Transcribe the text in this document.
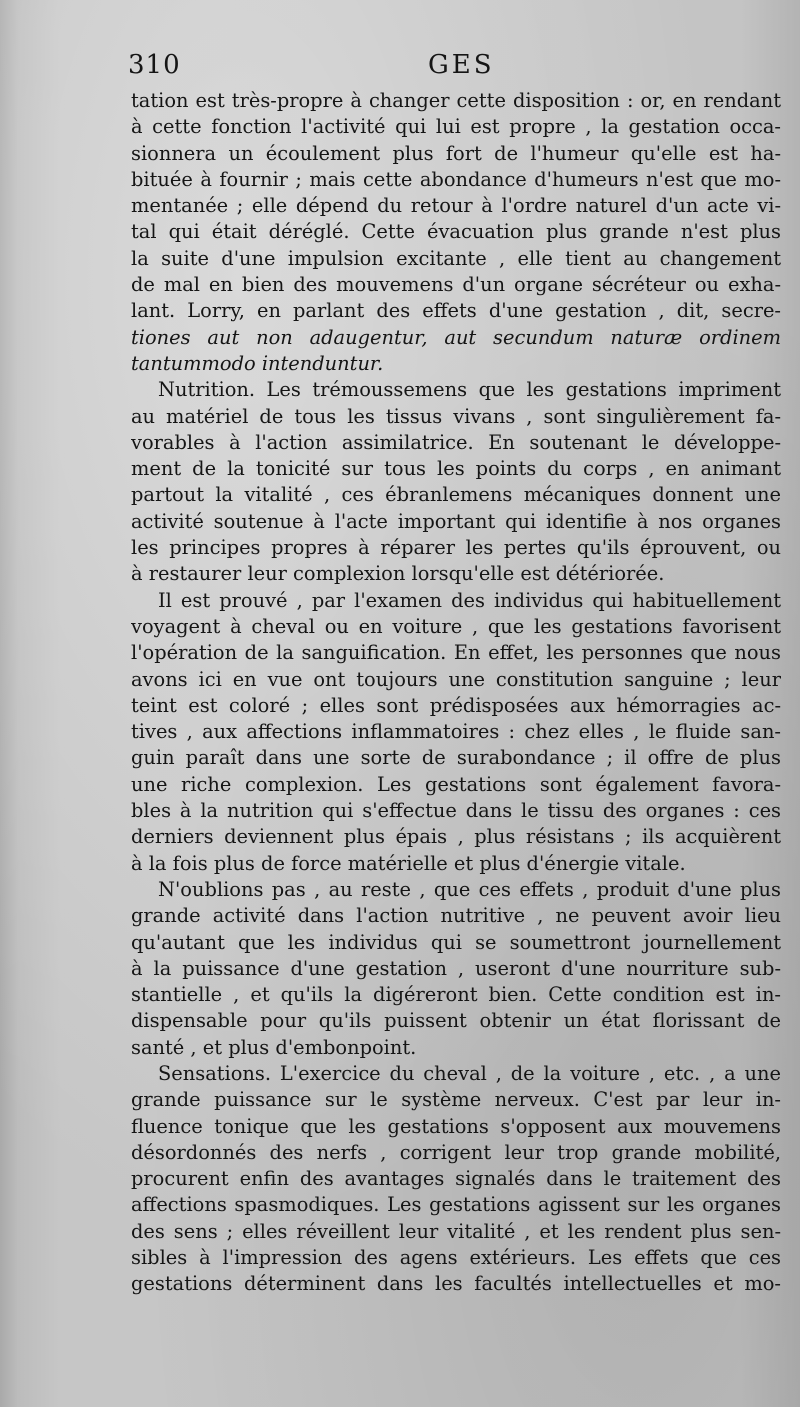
310	GES
tation est très-propre à changer cette disposition : or, en rendant
à cette fonction l'activité qui lui est propre , la gestation occa-
sionnera un écoulement plus fort de l'humeur qu'elle est ha-
bituée à fournir ; mais cette abondance d'humeurs n'est que mo-
mentanée ; elle dépend du retour à l'ordre naturel d'un acte vi-
tal qui était déréglé. Cette évacuation plus grande n'est plus
la suite d'une impulsion excitante , elle tient au changement
de mal en bien des mouvemens d'un organe sécréteur ou exha-
lant. Lorry, en parlant des effets d'une gestation , dit, secre-
tiones aut non adaugentur, aut secundum naturæ ordinem
tantummodo intenduntur.
Nutrition. Les trémoussemens que les gestations impriment
au matériel de tous les tissus vivans , sont singulièrement fa-
vorables à l'action assimilatrice. En soutenant le développe-
ment de la tonicité sur tous les points du corps , en animant
partout la vitalité , ces ébranlemens mécaniques donnent une
activité soutenue à l'acte important qui identifie à nos organes
les principes propres à réparer les pertes qu'ils éprouvent, ou
à restaurer leur complexion lorsqu'elle est détériorée.
Il est prouvé , par l'examen des individus qui habituellement
voyagent à cheval ou en voiture , que les gestations favorisent
l'opération de la sanguification. En effet, les personnes que nous
avons ici en vue ont toujours une constitution sanguine ; leur
teint est coloré ; elles sont prédisposées aux hémorragies ac-
tives , aux affections inflammatoires : chez elles , le fluide san-
guin paraît dans une sorte de surabondance ; il offre de plus
une riche complexion. Les gestations sont également favora-
bles à la nutrition qui s'effectue dans le tissu des organes : ces
derniers deviennent plus épais , plus résistans ; ils acquièrent
à la fois plus de force matérielle et plus d'énergie vitale.
N'oublions pas , au reste , que ces effets , produit d'une plus
grande activité dans l'action nutritive , ne peuvent avoir lieu
qu'autant que les individus qui se soumettront journellement
à la puissance d'une gestation , useront d'une nourriture sub-
stantielle , et qu'ils la digéreront bien. Cette condition est in-
dispensable pour qu'ils puissent obtenir un état florissant de
santé , et plus d'embonpoint.
Sensations. L'exercice du cheval , de la voiture , etc. , a une
grande puissance sur le système nerveux. C'est par leur in-
fluence tonique que les gestations s'opposent aux mouvemens
désordonnés des nerfs , corrigent leur trop grande mobilité,
procurent enfin des avantages signalés dans le traitement des
affections spasmodiques. Les gestations agissent sur les organes
des sens ; elles réveillent leur vitalité , et les rendent plus sen-
sibles à l'impression des agens extérieurs. Les effets que ces
gestations déterminent dans les facultés intellectuelles et mo-
